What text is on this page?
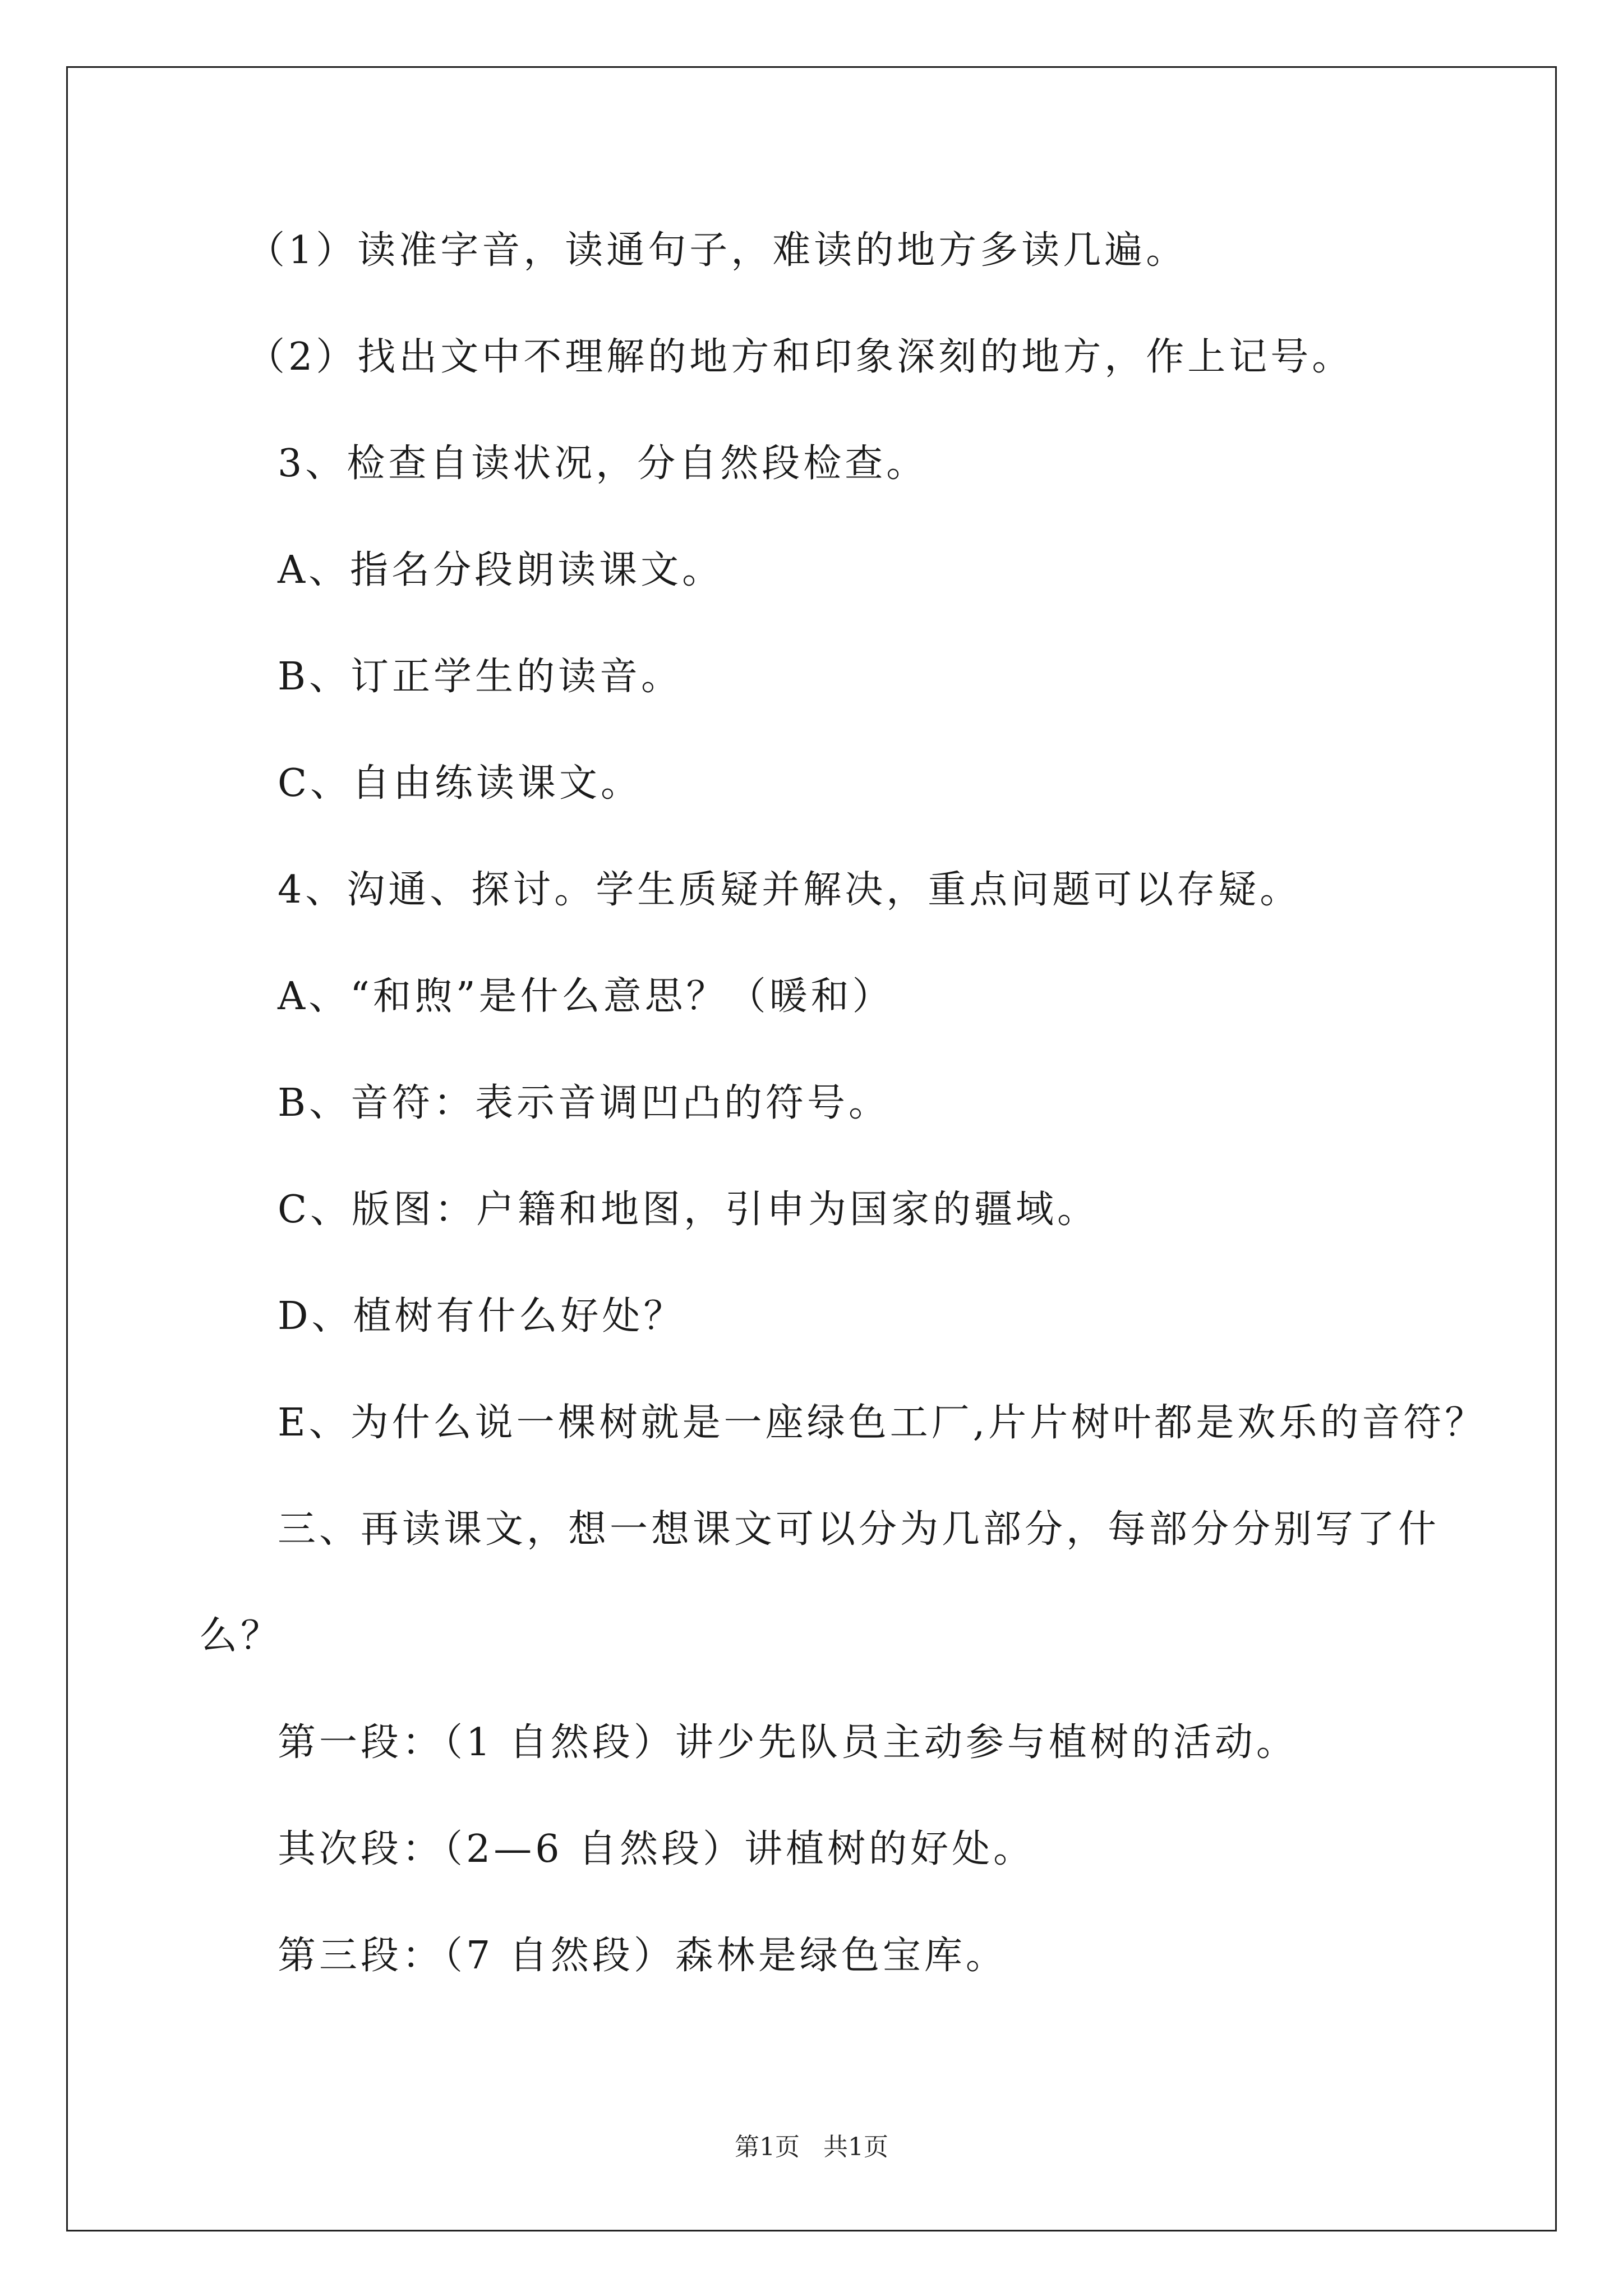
（1）读准字音，读通句子，难读的地方多读几遍。
（2）找出文中不理解的地方和印象深刻的地方，作上记号。
3、检查自读状况，分自然段检查。
A、指名分段朗读课文。
B、订正学生的读音。
C、自由练读课文。
4、沟通、探讨。学生质疑并解决，重点问题可以存疑。
A、“和煦”是什么意思？（暖和）
B、音符：表示音调凹凸的符号。
C、版图：户籍和地图，引申为国家的疆域。
D、植树有什么好处？
E、为什么说一棵树就是一座绿色工厂,片片树叶都是欢乐的音符？
三、再读课文，想一想课文可以分为几部分，每部分分别写了什
么？
第一段：（1 自然段）讲少先队员主动参与植树的活动。
其次段：（2—6 自然段）讲植树的好处。
第三段：（7 自然段）森林是绿色宝库。
第1页   共1页
